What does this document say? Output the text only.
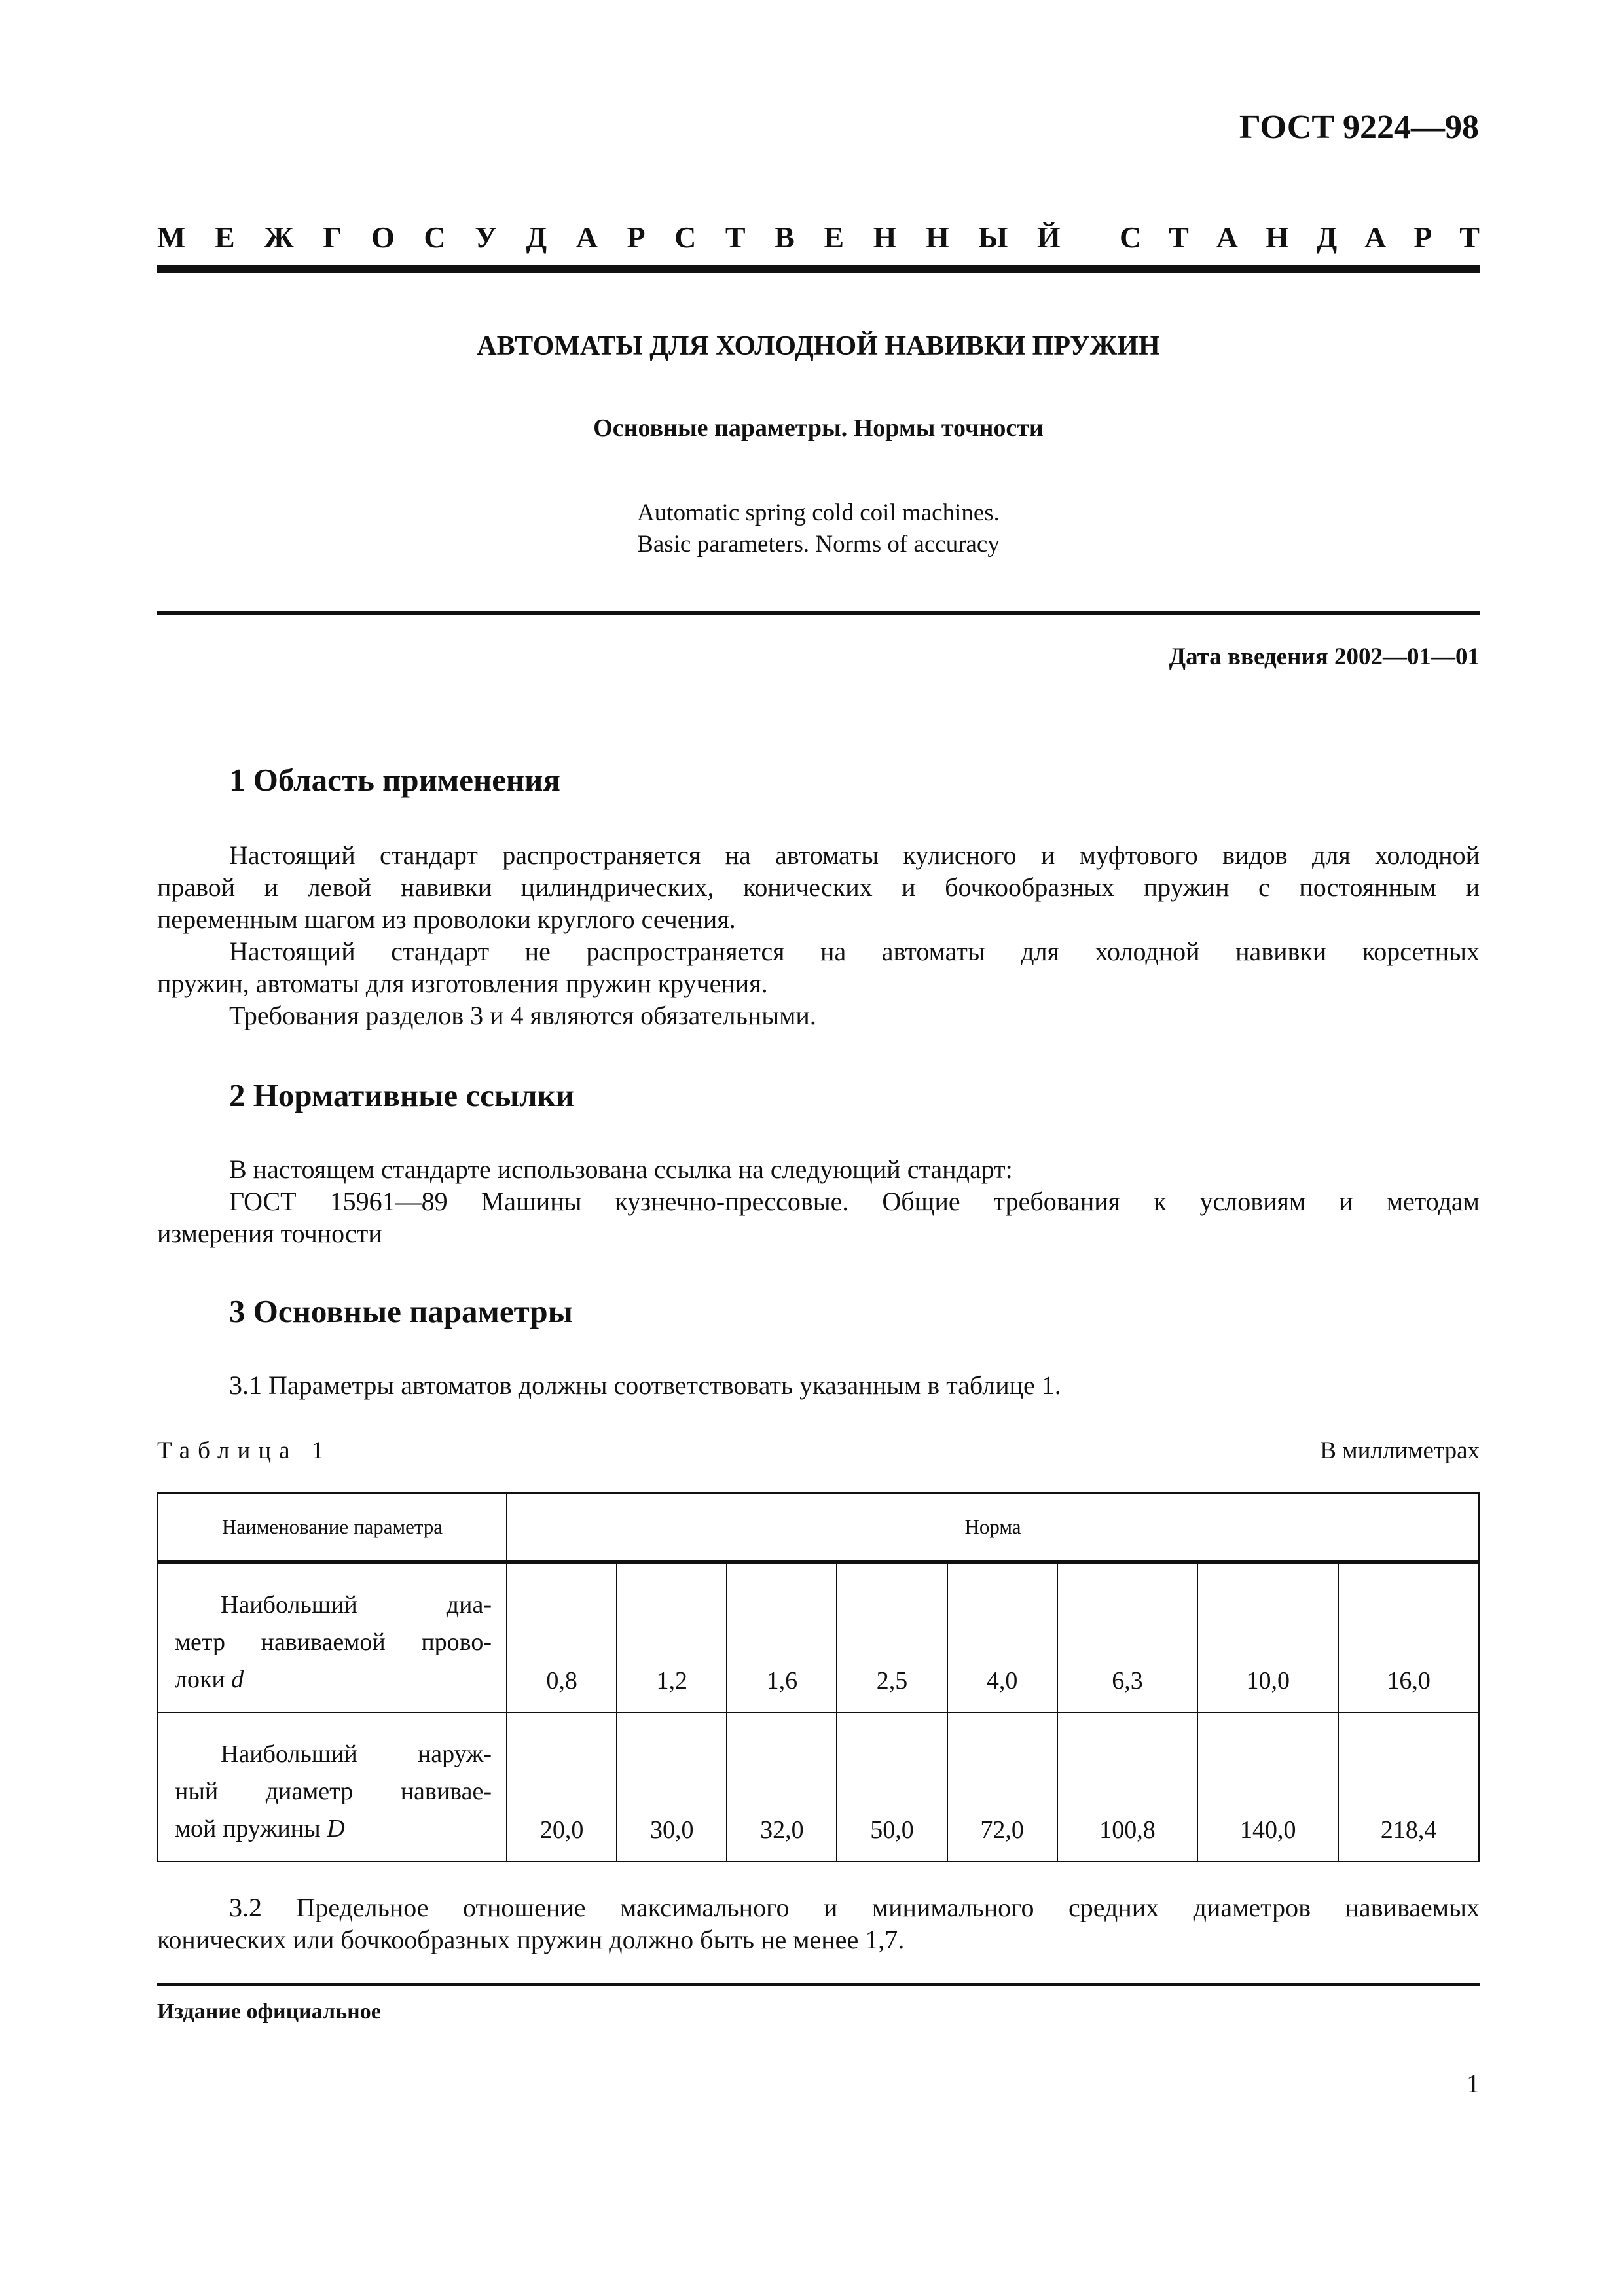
ГОСТ 9224—98
М Е Ж Г О С У Д А Р С Т В Е Н Н Ы Й С Т А Н Д А Р Т
АВТОМАТЫ ДЛЯ ХОЛОДНОЙ НАВИВКИ ПРУЖИН
Основные параметры. Нормы точности
Automatic spring cold coil machines.
Basic parameters. Norms of accuracy
Дата введения 2002—01—01
1 Область применения
Настоящий стандарт распространяется на автоматы кулисного и муфтового видов для холодной
правой и левой навивки цилиндрических, конических и бочкообразных пружин с постоянным и
переменным шагом из проволоки круглого сечения.
Настоящий стандарт не распространяется на автоматы для холодной навивки корсетных
пружин, автоматы для изготовления пружин кручения.
Требования разделов 3 и 4 являются обязательными.
2 Нормативные ссылки
В настоящем стандарте использована ссылка на следующий стандарт:
ГОСТ 15961—89 Машины кузнечно-прессовые. Общие требования к условиям и методам
измерения точности
3 Основные параметры
3.1 Параметры автоматов должны соответствовать указанным в таблице 1.
Таблица 1	В миллиметрах
Наименование параметра	Норма							

Наибольший диа-
метр навиваемой прово-
локи d	0,8	1,2	1,6	2,5	4,0	6,3	10,0	16,0

Наибольший наруж-
ный диаметр навивае-
мой пружины D	20,0	30,0	32,0	50,0	72,0	100,8	140,0	218,4
3.2 Предельное отношение максимального и минимального средних диаметров навиваемых
конических или бочкообразных пружин должно быть не менее 1,7.
Издание официальное
1
